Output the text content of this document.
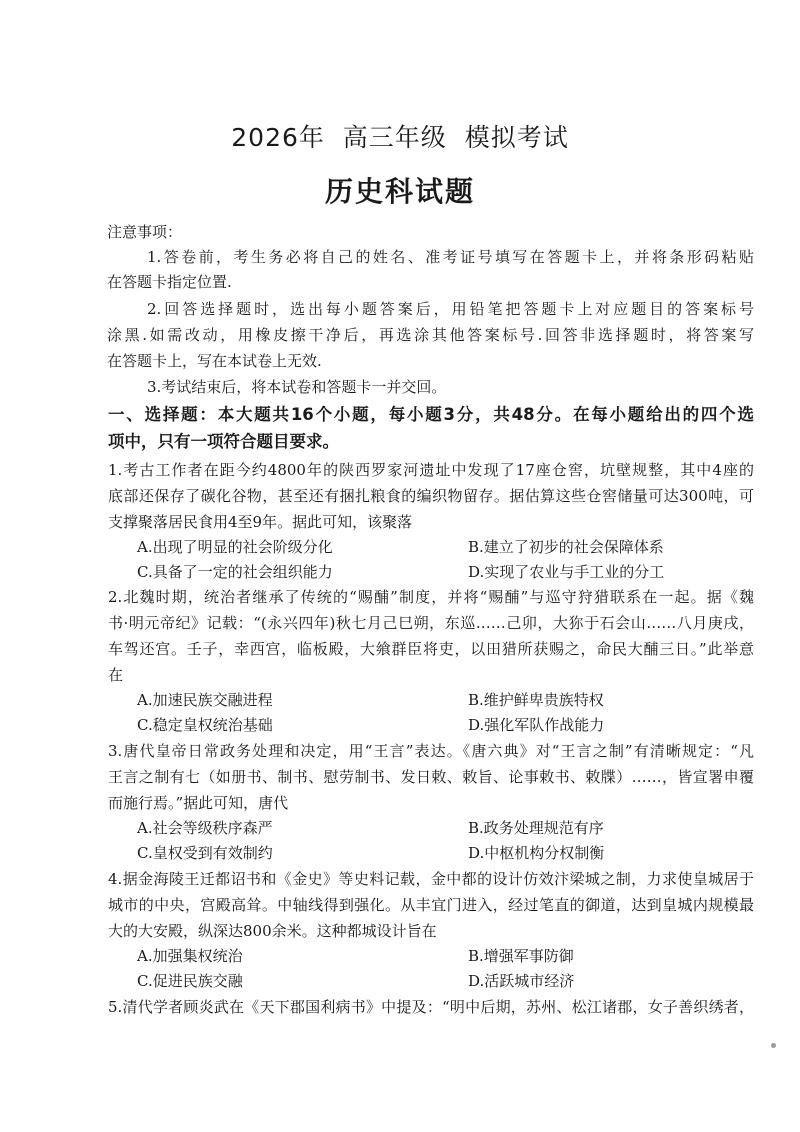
2026年  高三年级  模拟考试
历史科试题
注意事项：
1.答卷前，考生务必将自己的姓名、准考证号填写在答题卡上，并将条形码粘贴
在答题卡指定位置.
2.回答选择题时，选出每小题答案后，用铅笔把答题卡上对应题目的答案标号
涂黑.如需改动，用橡皮擦干净后，再选涂其他答案标号.回答非选择题时，将答案写
在答题卡上，写在本试卷上无效.
3.考试结束后，将本试卷和答题卡一并交回。
一、选择题：本大题共16个小题，每小题3分，共48分。在每小题给出的四个选
项中，只有一项符合题目要求。
1.考古工作者在距今约4800年的陕西罗家河遗址中发现了17座仓窖，坑壁规整，其中4座的
底部还保存了碳化谷物，甚至还有捆扎粮食的编织物留存。据估算这些仓窖储量可达300吨，可
支撑聚落居民食用4至9年。据此可知，该聚落
A.出现了明显的社会阶级分化	B.建立了初步的社会保障体系
C.具备了一定的社会组织能力	D.实现了农业与手工业的分工
2.北魏时期，统治者继承了传统的“赐酺”制度，并将“赐酺”与巡守狩猎联系在一起。据《魏
书·明元帝纪》记载：“(永兴四年)秋七月己巳朔，东巡……己卯，大狝于石会山……八月庚戌，
车驾还宫。壬子，幸西宫，临板殿，大飨群臣将吏，以田猎所获赐之，命民大酺三日。”此举意
在
A.加速民族交融进程	B.维护鲜卑贵族特权
C.稳定皇权统治基础	D.强化军队作战能力
3.唐代皇帝日常政务处理和决定，用“王言”表达。《唐六典》对“王言之制”有清晰规定：“凡
王言之制有七（如册书、制书、慰劳制书、发日敕、敕旨、论事敕书、敕牒）……，皆宣署申覆
而施行焉。”据此可知，唐代
A.社会等级秩序森严	B.政务处理规范有序
C.皇权受到有效制约	D.中枢机构分权制衡
4.据金海陵王迁都诏书和《金史》等史料记载，金中都的设计仿效汴梁城之制，力求使皇城居于
城市的中央，宫殿高耸。中轴线得到强化。从丰宜门进入，经过笔直的御道，达到皇城内规模最
大的大安殿，纵深达800余米。这种都城设计旨在
A.加强集权统治	B.增强军事防御
C.促进民族交融	D.活跃城市经济
5.清代学者顾炎武在《天下郡国利病书》中提及：“明中后期，苏州、松江诸郡，女子善织绣者，
